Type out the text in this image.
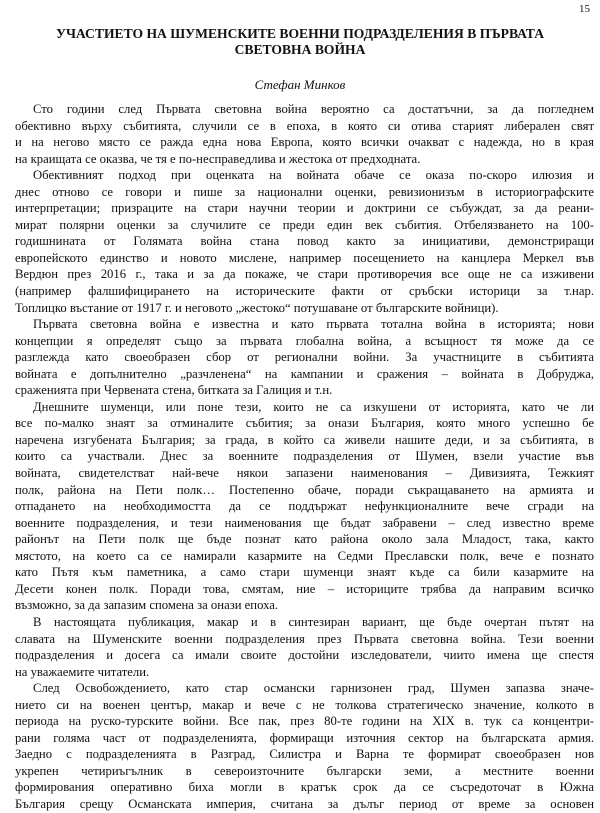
15
УЧАСТИЕТО НА ШУМЕНСКИТЕ ВОЕННИ ПОДРАЗДЕЛЕНИЯ В ПЪРВАТА
СВЕТОВНА ВОЙНА
Стефан Минков
Сто години след Първата световна война вероятно са достатъчни, за да погледнем
обективно върху събитията, случили се в епоха, в която си отива старият либерален свят
и на негово място се ражда една нова Европа, която всички очакват с надежда, но в края
на краищата се оказва, че тя е по-несправедлива и жестока от предходната.
Обективният подход при оценката на войната обаче се оказа по-скоро илюзия и
днес отново се говори и пише за национални оценки, ревизионизъм в историографските
интерпретации; призраците на стари научни теории и доктрини се събуждат, за да реани-
мират полярни оценки за случилите се преди един век събития. Отбелязването на 100-
годишнината от Голямата война стана повод както за инициативи, демонстриращи
европейското единство и новото мислене, например посещението на канцлера Меркел във
Вердюн през 2016 г., така и за да покаже, че стари противоречия все още не са изживени
(например фалшифицирането на историческите факти от сръбски историци за т.нар.
Топлицко въстание от 1917 г. и неговото „жестоко“ потушаване от българските войници).
Първата световна война е известна и като първата тотална война в историята; нови
концепции я определят също за първата глобална война, а всъщност тя може да се
разглежда като своеобразен сбор от регионални войни. За участниците в събитията
войната е допълнително „разчленена“ на кампании и сражения – войната в Добруджа,
сраженията при Червената стена, битката за Галиция и т.н.
Днешните шуменци, или поне тези, които не са изкушени от историята, като че ли
все по-малко знаят за отминалите събития; за онази България, която много успешно бе
наречена изгубената България; за града, в който са живели нашите деди, и за събитията, в
които са участвали. Днес за военните подразделения от Шумен, взели участие във
войната, свидетелстват най-вече някои запазени наименования – Дивизията, Тежкият
полк, района на Пети полк… Постепенно обаче, поради съкращаването на армията и
отпадането на необходимостта да се поддържат нефункционалните вече сгради на
военните подразделения, и тези наименования ще бъдат забравени – след известно време
районът на Пети полк ще бъде познат като района около зала Младост, така, както
мястото, на което са се намирали казармите на Седми Преславски полк, вече е познато
като Пътя към паметника, а само стари шуменци знаят къде са били казармите на
Десети конен полк. Поради това, смятам, ние – историците трябва да направим всичко
възможно, за да запазим спомена за онази епоха.
В настоящата публикация, макар и в синтезиран вариант, ще бъде очертан пътят на
славата на Шуменските военни подразделения през Първата световна война. Тези военни
подразделения и досега са имали своите достойни изследователи, чиито имена ще спестя
на уважаемите читатели.
След Освобождението, като стар османски гарнизонен град, Шумен запазва значе-
нието си на военен център, макар и вече с не толкова стратегическо значение, колкото в
периода на руско-турските войни. Все пак, през 80-те години на XIX в. тук са концентри-
рани голяма част от подразделенията, формиращи източния сектор на българската армия.
Заедно с подразделенията в Разград, Силистра и Варна те формират своеобразен нов
укрепен четириъгълник в североизточните български земи, а местните военни
формирования оперативно биха могли в кратък срок да се съсредоточат в Южна
България срещу Османската империя, считана за дълъг период от време за основен
